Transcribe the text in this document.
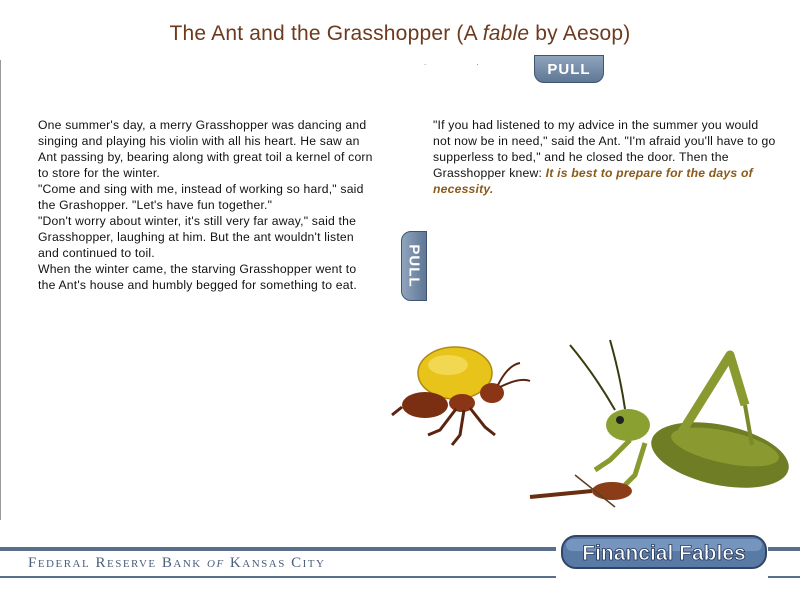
The Ant and the Grasshopper (A fable by Aesop)
. .	PULL

One summer's day, a merry Grasshopper was dancing and singing and playing his violin with all his heart. He saw an Ant passing by, bearing along with great toil a kernel of corn to store for the winter.

"Come and sing with me, instead of working so hard," said the Grashopper. "Let's have fun together."

"Don't worry about winter, it's still very far away," said the Grasshopper, laughing at him. But the ant wouldn't listen and continued to toil.

When the winter came, the starving Grasshopper went to the Ant's house and humbly begged for something to eat.	PULL
"If you had listened to my advice in the summer you would not now be in need," said the Ant. "I'm afraid you'll have to go supperless to bed," and he closed the door. Then the Grasshopper knew: It is best to prepare for the days of necessity.
Federal Reserve Bank of Kansas City	Financial Fables
